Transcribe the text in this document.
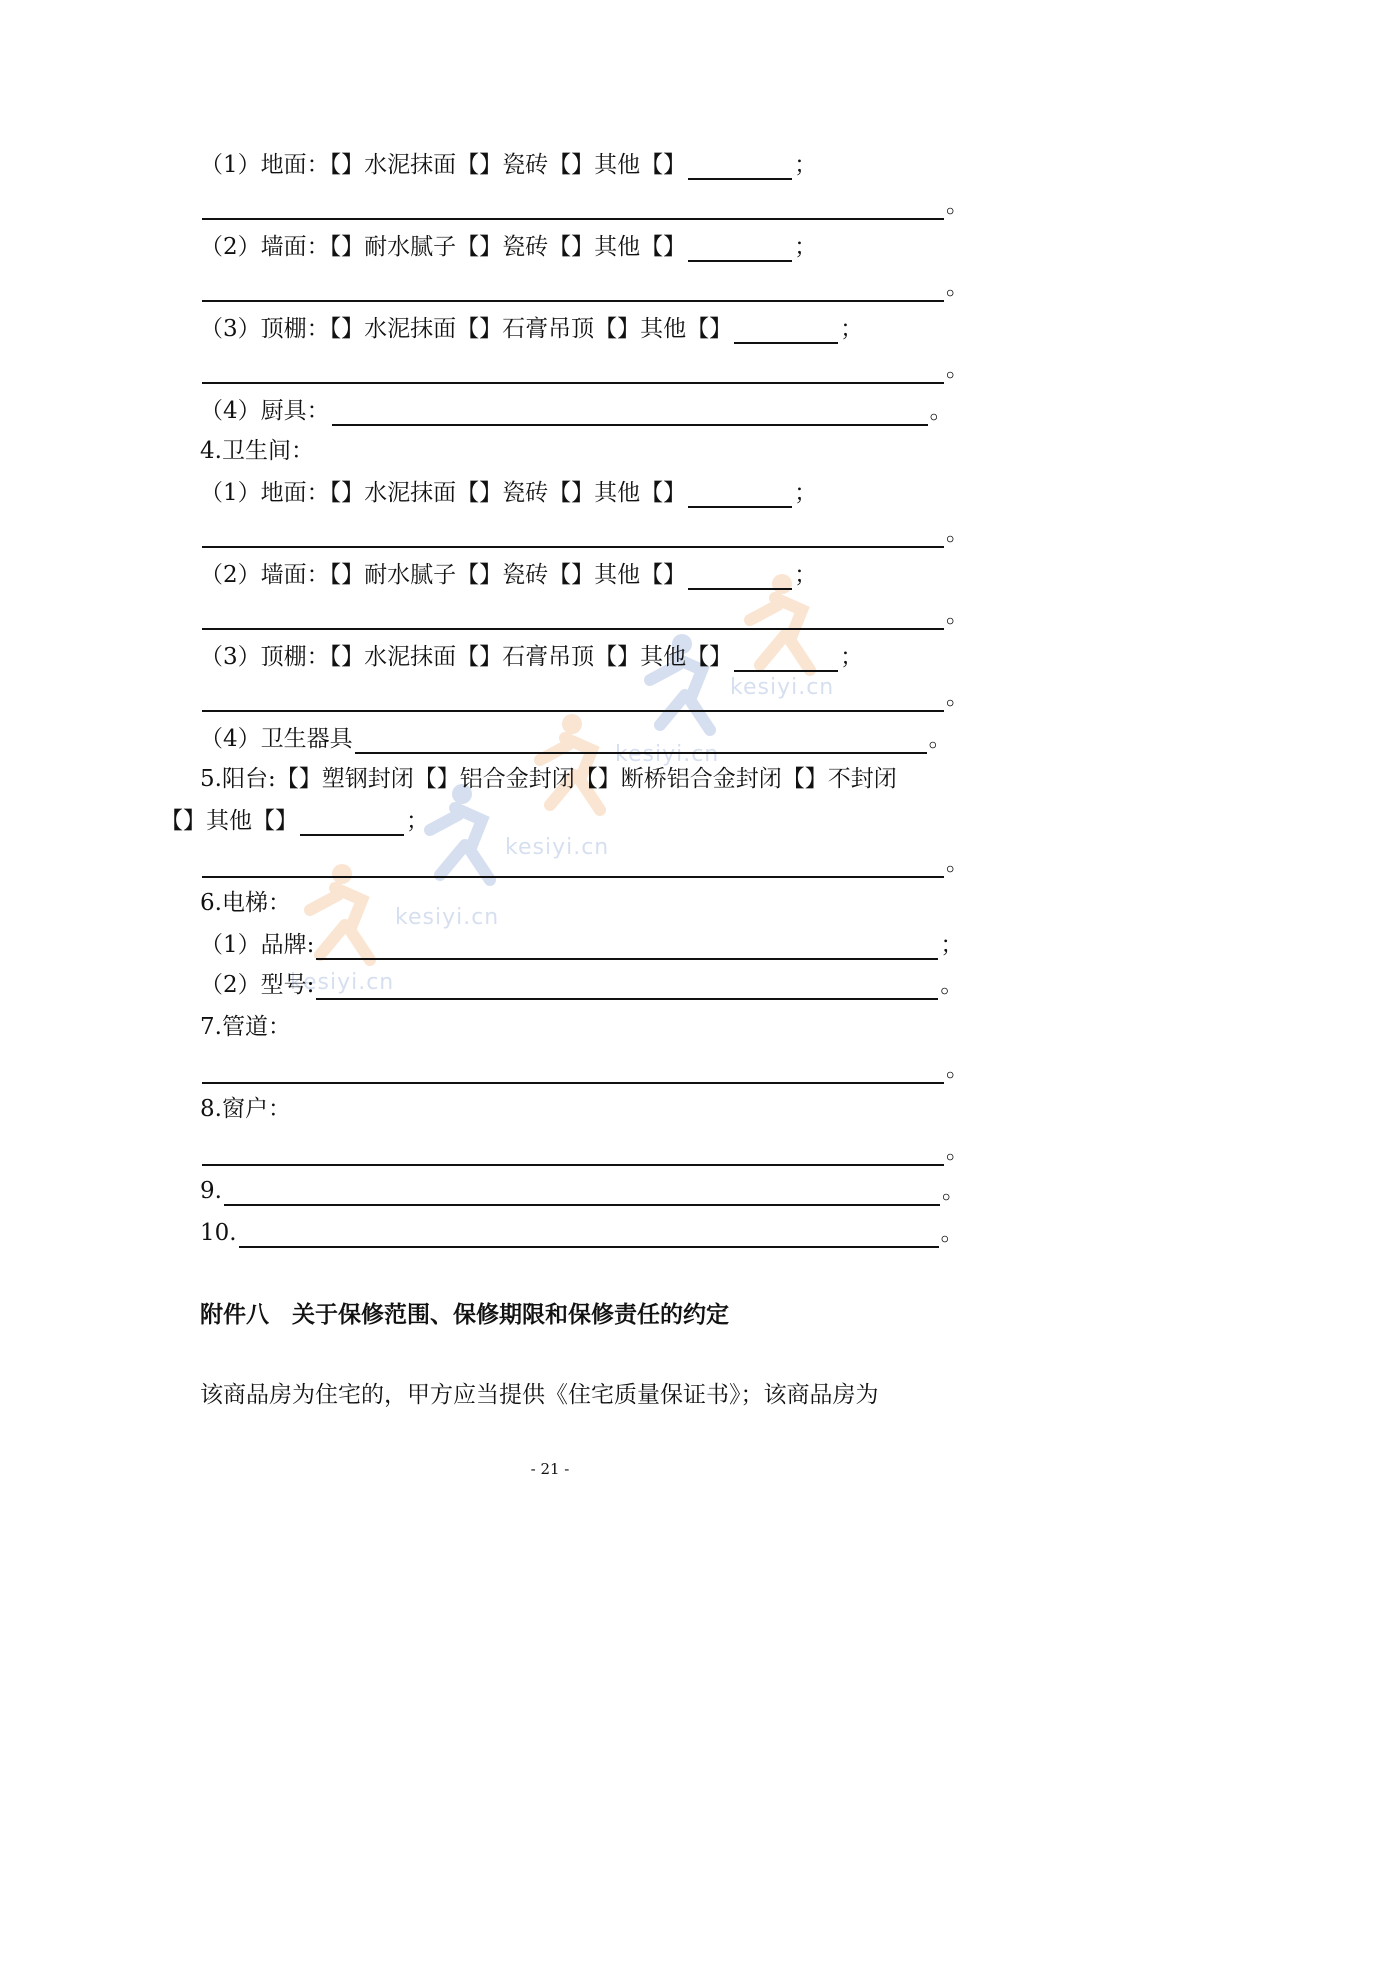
kesiyi.cn
kesiyi.cn
kesiyi.cn
kesiyi.cn
kesiyi.cn
（1）地面：【】水泥抹面【】瓷砖【】其他【】	；
。
（2）墙面：【】耐水腻子【】瓷砖【】其他【】	；
。
（3）顶棚：【】水泥抹面【】石膏吊顶【】其他【】	；
。
（4）厨具：	。
4.卫生间：
（1）地面：【】水泥抹面【】瓷砖【】其他【】	；
。
（2）墙面：【】耐水腻子【】瓷砖【】其他【】	；
。
（3）顶棚：【】水泥抹面【】石膏吊顶【】其他【】	；
。
（4）卫生器具	。
5.阳台:【】塑钢封闭【】铝合金封闭【】断桥铝合金封闭【】不封闭
【】其他【】	；
。
6.电梯：
（1）品牌:	；
（2）型号:	。
7.管道：
。
8.窗户：
。
9.	。
10.	。
附件八　关于保修范围、保修期限和保修责任的约定
该商品房为住宅的，甲方应当提供《住宅质量保证书》；该商品房为
- 21 -
